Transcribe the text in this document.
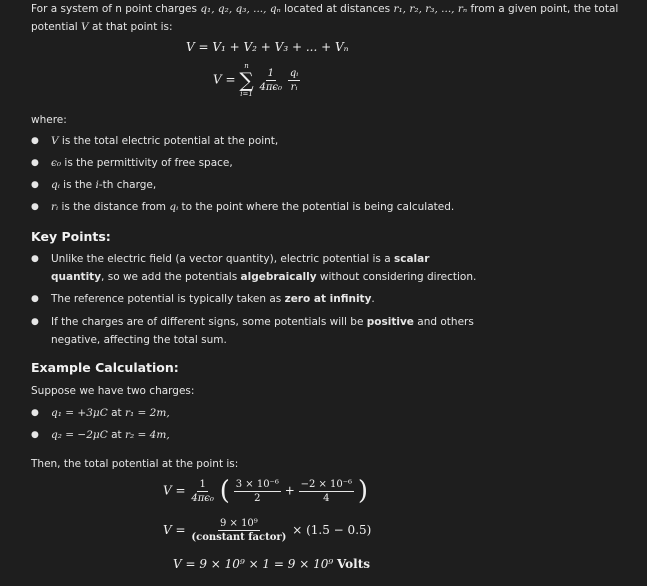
For a system of n point charges q₁, q₂, q₃, ..., qₙ located at distances r₁, r₂, r₃, ..., rₙ from a given point, the total potential V at that point is:
V = V₁ + V₂ + V₃ + ... + Vₙ
V =
n
∑
i=1

$\frac{1}{\text{4πϵ₀}}$
$\frac{\text{qᵢ}}{\text{rᵢ}}$
where:
● V is the total electric potential at the point,
● ϵ₀ is the permittivity of free space,
● qᵢ is the i-th charge,
● rᵢ is the distance from qᵢ to the point where the potential is being calculated.
Key Points:
● Unlike the electric field (a vector quantity), electric potential is a scalar quantity, so we add the potentials algebraically without considering direction.
● The reference potential is typically taken as zero at infinity.
● If the charges are of different signs, some potentials will be positive and others negative, affecting the total sum.
Example Calculation:
Suppose we have two charges:
● q₁ = +3μC at r₁ = 2m,
● q₂ = −2μC at r₂ = 4m,
Then, the total potential at the point is:
$V = \frac{1}{\text{4πϵ₀}}$ ( $\frac{\text{3 × 10⁻⁶}}{2} + \frac{\text{−2 × 10⁻⁶}}{4}$ )
$V = \frac{\text{9 × 10⁹}}{\text{(constant factor)}} \times (1.5 - 0.5)$
V = 9 × 10⁹ × 1 = 9 × 10⁹ Volts
